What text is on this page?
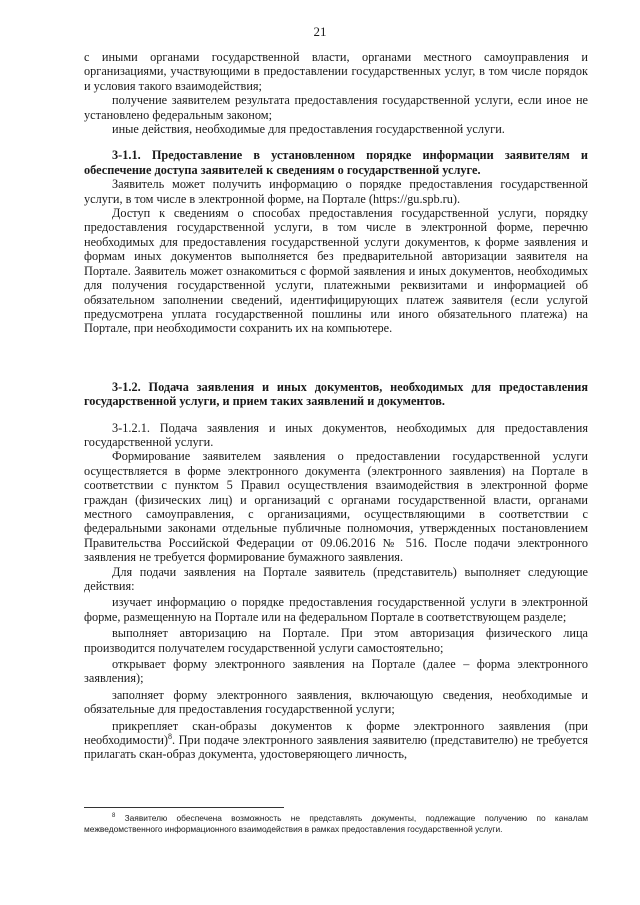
21

с иными органами государственной власти, органами местного самоуправления и организациями, участвующими в предоставлении государственных услуг, в том числе порядок и условия такого взаимодействия;

получение заявителем результата предоставления государственной услуги, если иное не установлено федеральным законом;

иные действия, необходимые для предоставления государственной услуги.

3-1.1. Предоставление в установленном порядке информации заявителям и обеспечение доступа заявителей к сведениям о государственной услуге.

Заявитель может получить информацию о порядке предоставления государственной услуги, в том числе в электронной форме, на Портале (https://gu.spb.ru).

Доступ к сведениям о способах предоставления государственной услуги, порядку предоставления государственной услуги, в том числе в электронной форме, перечню необходимых для предоставления государственной услуги документов, к форме заявления и формам иных документов выполняется без предварительной авторизации заявителя на Портале. Заявитель может ознакомиться с формой заявления и иных документов, необходимых для получения государственной услуги, платежными реквизитами и информацией об обязательном заполнении сведений, идентифицирующих платеж заявителя (если услугой предусмотрена уплата государственной пошлины или иного обязательного платежа) на Портале, при необходимости сохранить их на компьютере.

3-1.2. Подача заявления и иных документов, необходимых для предоставления государственной услуги, и прием таких заявлений и документов.

3-1.2.1. Подача заявления и иных документов, необходимых для предоставления государственной услуги.

Формирование заявителем заявления о предоставлении государственной услуги осуществляется в форме электронного документа (электронного заявления) на Портале в соответствии с пунктом 5 Правил осуществления взаимодействия в электронной форме граждан (физических лиц) и организаций с органами государственной власти, органами местного самоуправления, с организациями, осуществляющими в соответствии с федеральными законами отдельные публичные полномочия, утвержденных постановлением Правительства Российской Федерации от 09.06.2016 № 516. После подачи электронного заявления не требуется формирование бумажного заявления.

Для подачи заявления на Портале заявитель (представитель) выполняет следующие действия:

изучает информацию о порядке предоставления государственной услуги в электронной форме, размещенную на Портале или на федеральном Портале в соответствующем разделе;

выполняет авторизацию на Портале. При этом авторизация физического лица производится получателем государственной услуги самостоятельно;

открывает форму электронного заявления на Портале (далее – форма электронного заявления);

заполняет форму электронного заявления, включающую сведения, необходимые и обязательные для предоставления государственной услуги;

прикрепляет скан-образы документов к форме электронного заявления (при необходимости)$^8$. При подаче электронного заявления заявителю (представителю) не требуется прилагать скан-образ документа, удостоверяющего личность,

$^8$ Заявителю обеспечена возможность не представлять документы, подлежащие получению по каналам межведомственного информационного взаимодействия в рамках предоставления государственной услуги.
